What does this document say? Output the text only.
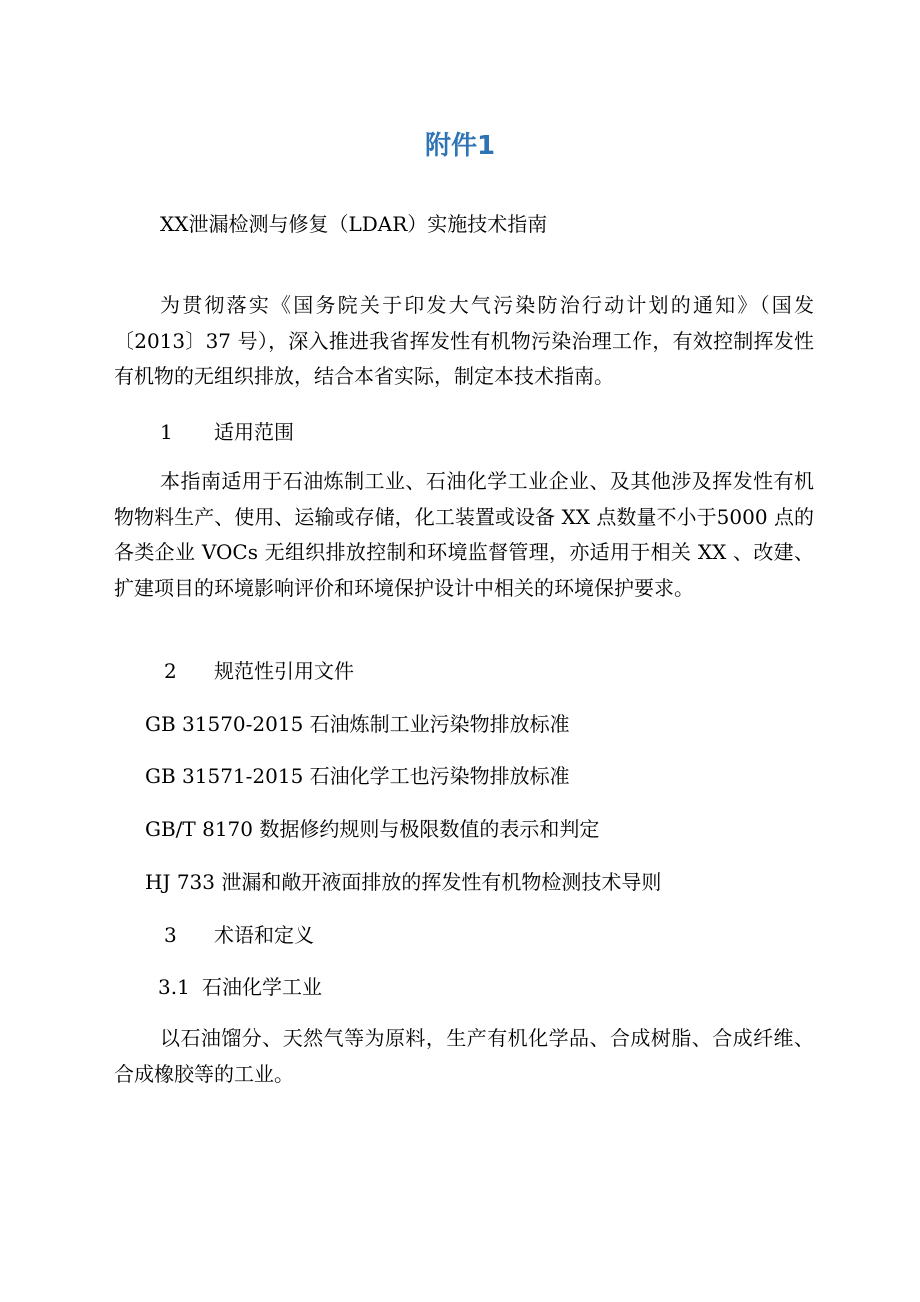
附件1
XX泄漏检测与修复（LDAR）实施技术指南
为贯彻落实《国务院关于印发大气污染防治行动计划的通知》（国发〔2013〕37 号），深入推进我省挥发性有机物污染治理工作，有效控制挥发性有机物的无组织排放，结合本省实际，制定本技术指南。
1 适用范围
本指南适用于石油炼制工业、石油化学工业企业、及其他涉及挥发性有机物物料生产、使用、运输或存储，化工装置或设备 XX 点数量不小于5000 点的各类企业 VOCs 无组织排放控制和环境监督管理，亦适用于相关 XX 、改建、扩建项目的环境影响评价和环境保护设计中相关的环境保护要求。
2 规范性引用文件
GB 31570-2015 石油炼制工业污染物排放标准
GB 31571-2015 石油化学工也污染物排放标准
GB/T 8170 数据修约规则与极限数值的表示和判定
HJ 733 泄漏和敞开液面排放的挥发性有机物检测技术导则
3 术语和定义
3.1 石油化学工业
以石油馏分、天然气等为原料，生产有机化学品、合成树脂、合成纤维、合成橡胶等的工业。
